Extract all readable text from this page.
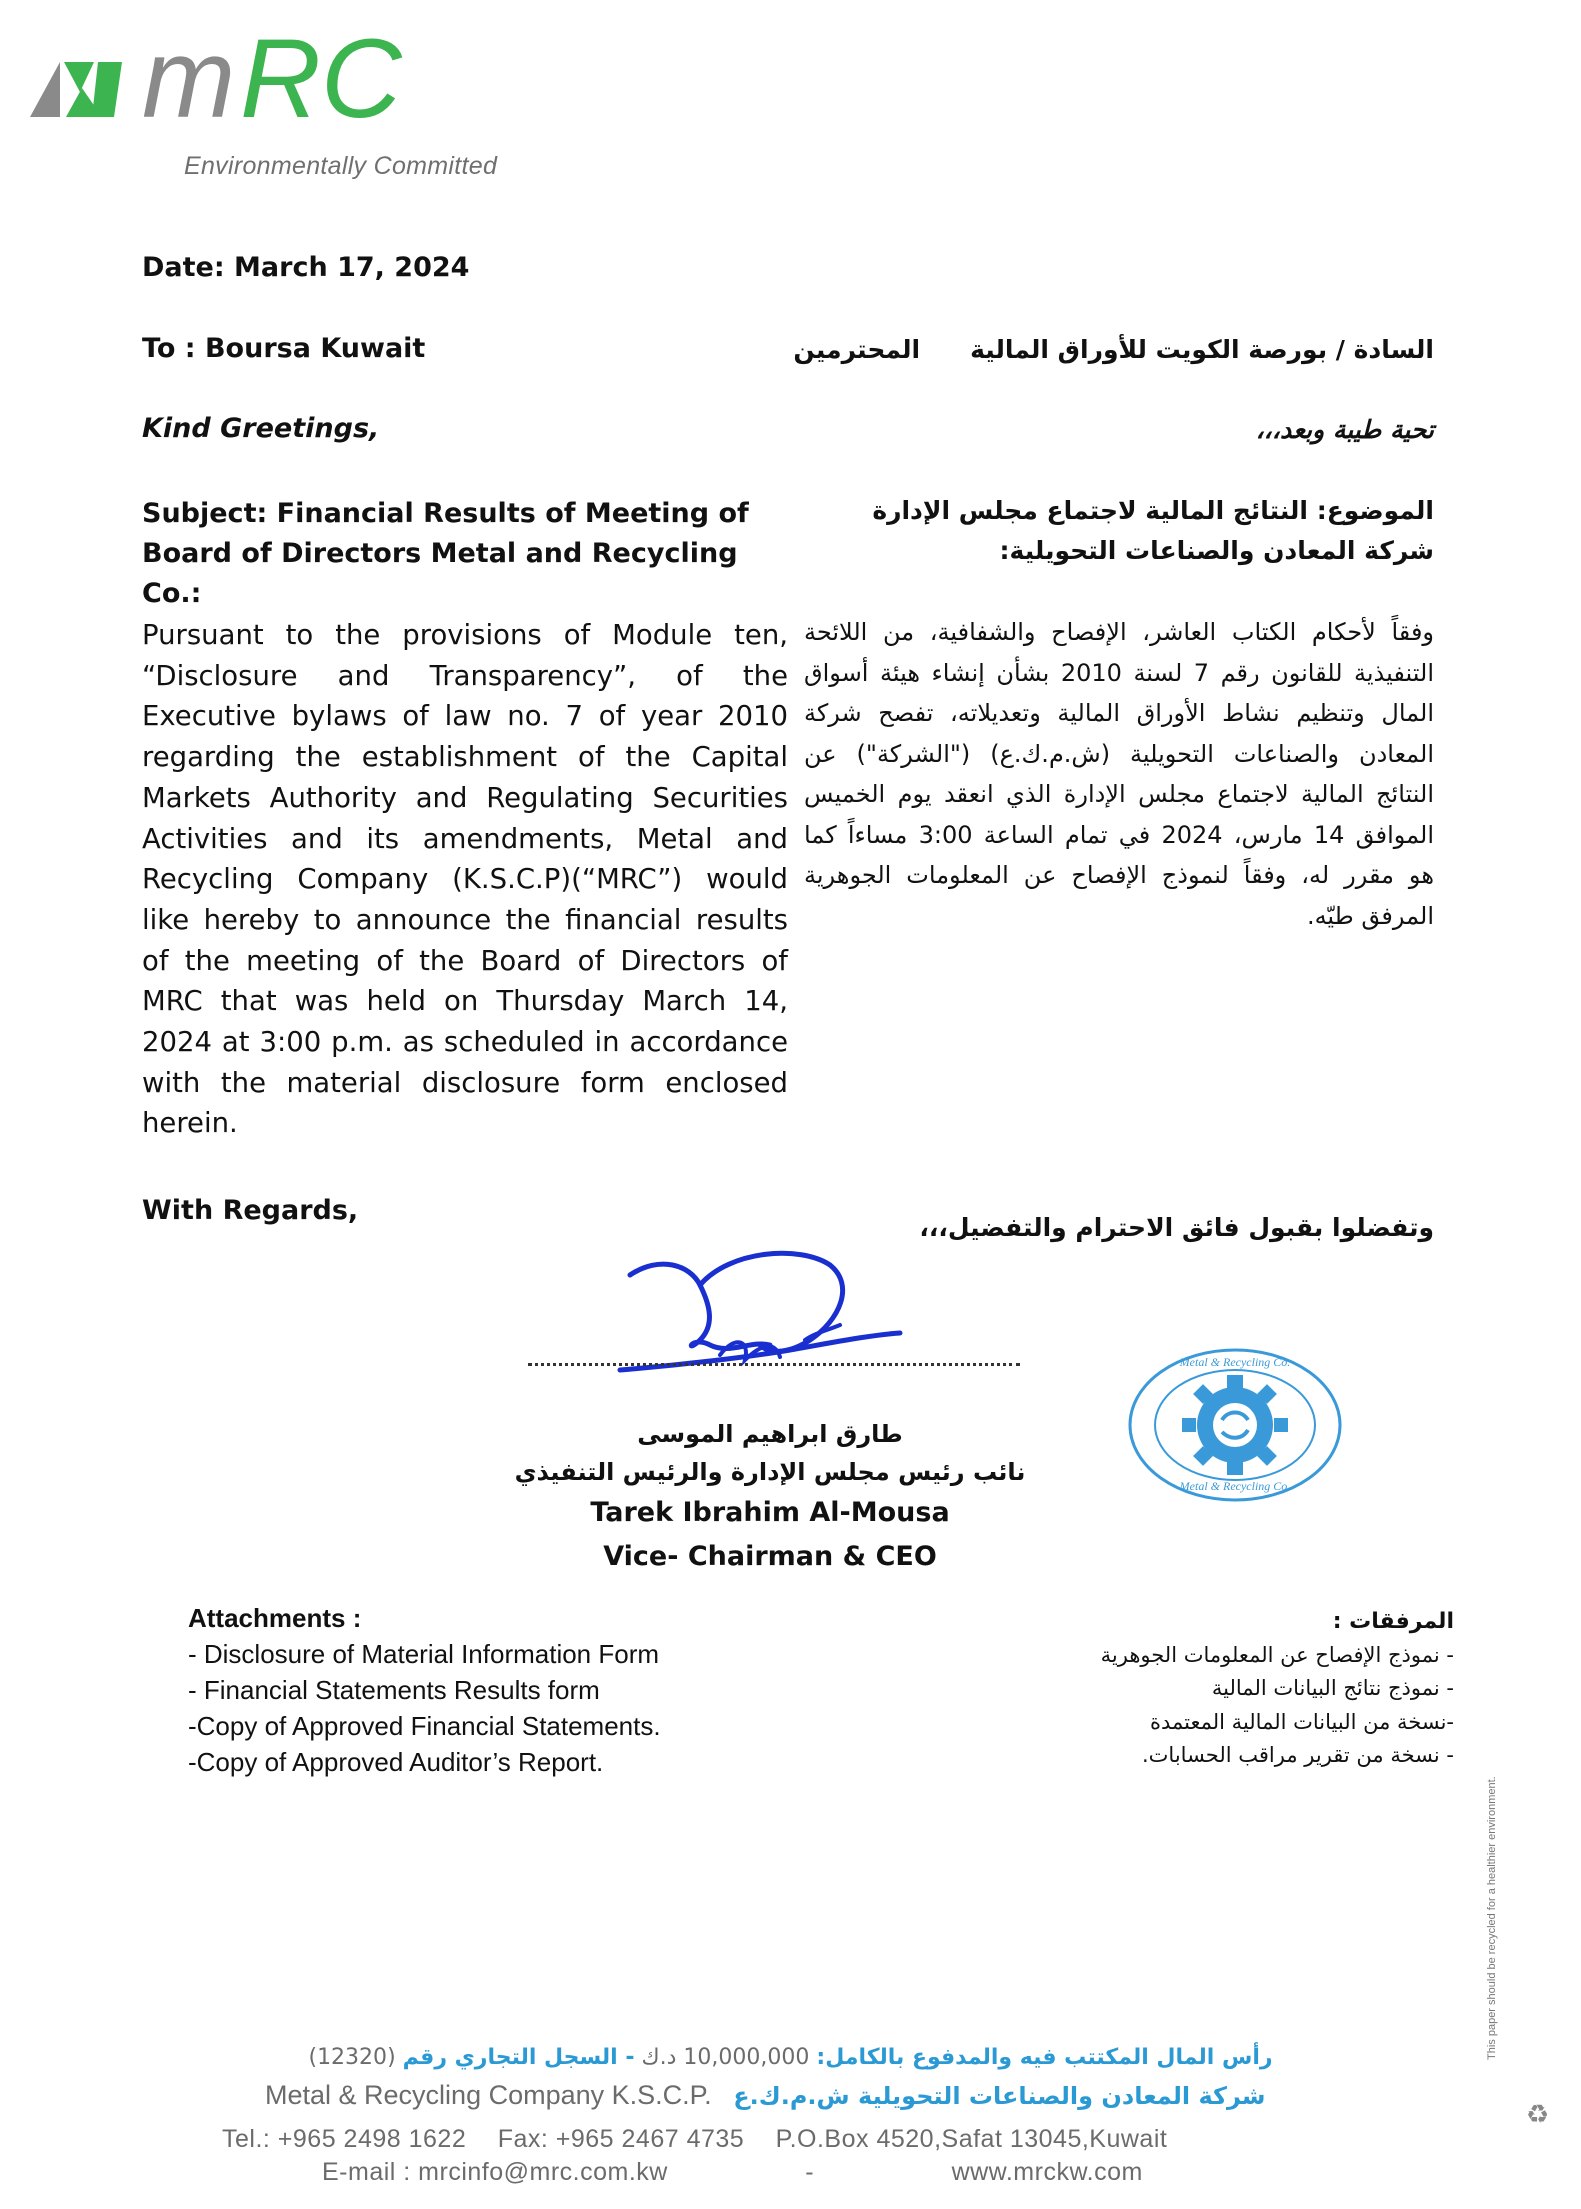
m RC
Environmentally Committed
Date: March 17, 2024
To : Boursa Kuwait	السادة / بورصة الكويت للأوراق الماليةالمحترمين
Kind Greetings,	تحية طيبة وبعد،،،
Subject: Financial Results of Meeting of Board of Directors Metal and Recycling Co.:
الموضوع: النتائج المالية لاجتماع مجلس الإدارة
شركة المعادن والصناعات التحويلية:
Pursuant to the provisions of Module ten, “Disclosure and Transparency”, of the Executive bylaws of law no. 7 of year 2010 regarding the establishment of the Capital Markets Authority and Regulating Securities Activities and its amendments, Metal and Recycling Company (K.S.C.P)(“MRC”) would like hereby to announce the financial results of the meeting of the Board of Directors of MRC that was held on Thursday March 14, 2024 at 3:00 p.m. as scheduled in accordance with the material disclosure form enclosed herein.
وفقاً لأحكام الكتاب العاشر، الإفصاح والشفافية، من اللائحة التنفيذية للقانون رقم 7 لسنة 2010 بشأن إنشاء هيئة أسواق المال وتنظيم نشاط الأوراق المالية وتعديلاته، تفصح شركة المعادن والصناعات التحويلية (ش.م.ك.ع) ("الشركة") عن النتائج المالية لاجتماع مجلس الإدارة الذي انعقد يوم الخميس الموافق 14 مارس، 2024 في تمام الساعة 3:00 مساءاً كما هو مقرر له، وفقاً لنموذج الإفصاح عن المعلومات الجوهرية المرفق طيّه.
With Regards,
وتفضلوا بقبول فائق الاحترام والتفضيل،،،
Metal & Recycling Co.
Metal & Recycling Co.
طارق ابراهيم الموسى
نائب رئيس مجلس الإدارة والرئيس التنفيذي
Tarek Ibrahim Al-Mousa
Vice- Chairman & CEO
Attachments :
- Disclosure of Material Information Form
- Financial Statements Results form
-Copy of Approved Financial Statements.
-Copy of Approved Auditor’s Report.
المرفقات :
- نموذج الإفصاح عن المعلومات الجوهرية
- نموذج نتائج البيانات المالية
-نسخة من البيانات المالية المعتمدة
- نسخة من تقرير مراقب الحسابات.
This paper should be recycled for a healthier environment.
♻
رأس المال المكتتب فيه والمدفوع بالكامل: 10,000,000 د.ك - السجل التجاري رقم (12320)
Metal & Recycling Company K.S.C.P. شركة المعادن والصناعات التحويلية ش.م.ك.ع
Tel.: +965 2498 1622 Fax: +965 2467 4735 P.O.Box 4520,Safat 13045,Kuwait
E-mail : mrcinfo@mrc.com.kw	-	www.mrckw.com
